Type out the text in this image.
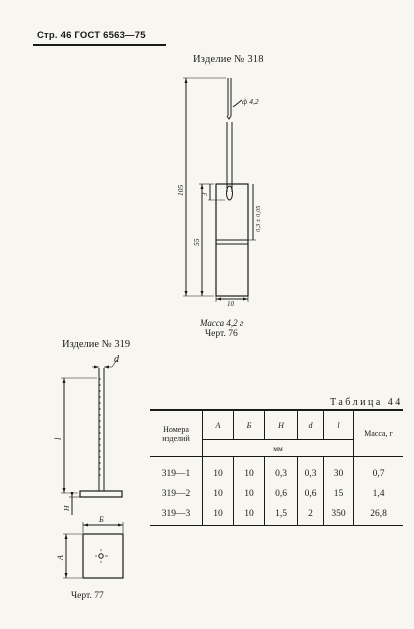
Стр. 46 ГОСТ 6563—75
Изделие № 318
ф 4,2
105
55
3
0,3 ± 0,05
10
Масса 4,2 г
Черт. 76
Изделие № 319
d
l
H
Б
А
Черт. 77
Таблица 44
Номера изделий	А	Б	Н	d	l	Масса, г

	мм					
319—1	10	10	0,3	0,3	30	0,7
319—2	10	10	0,6	0,6	15	1,4
319—3	10	10	1,5	2	350	26,8
